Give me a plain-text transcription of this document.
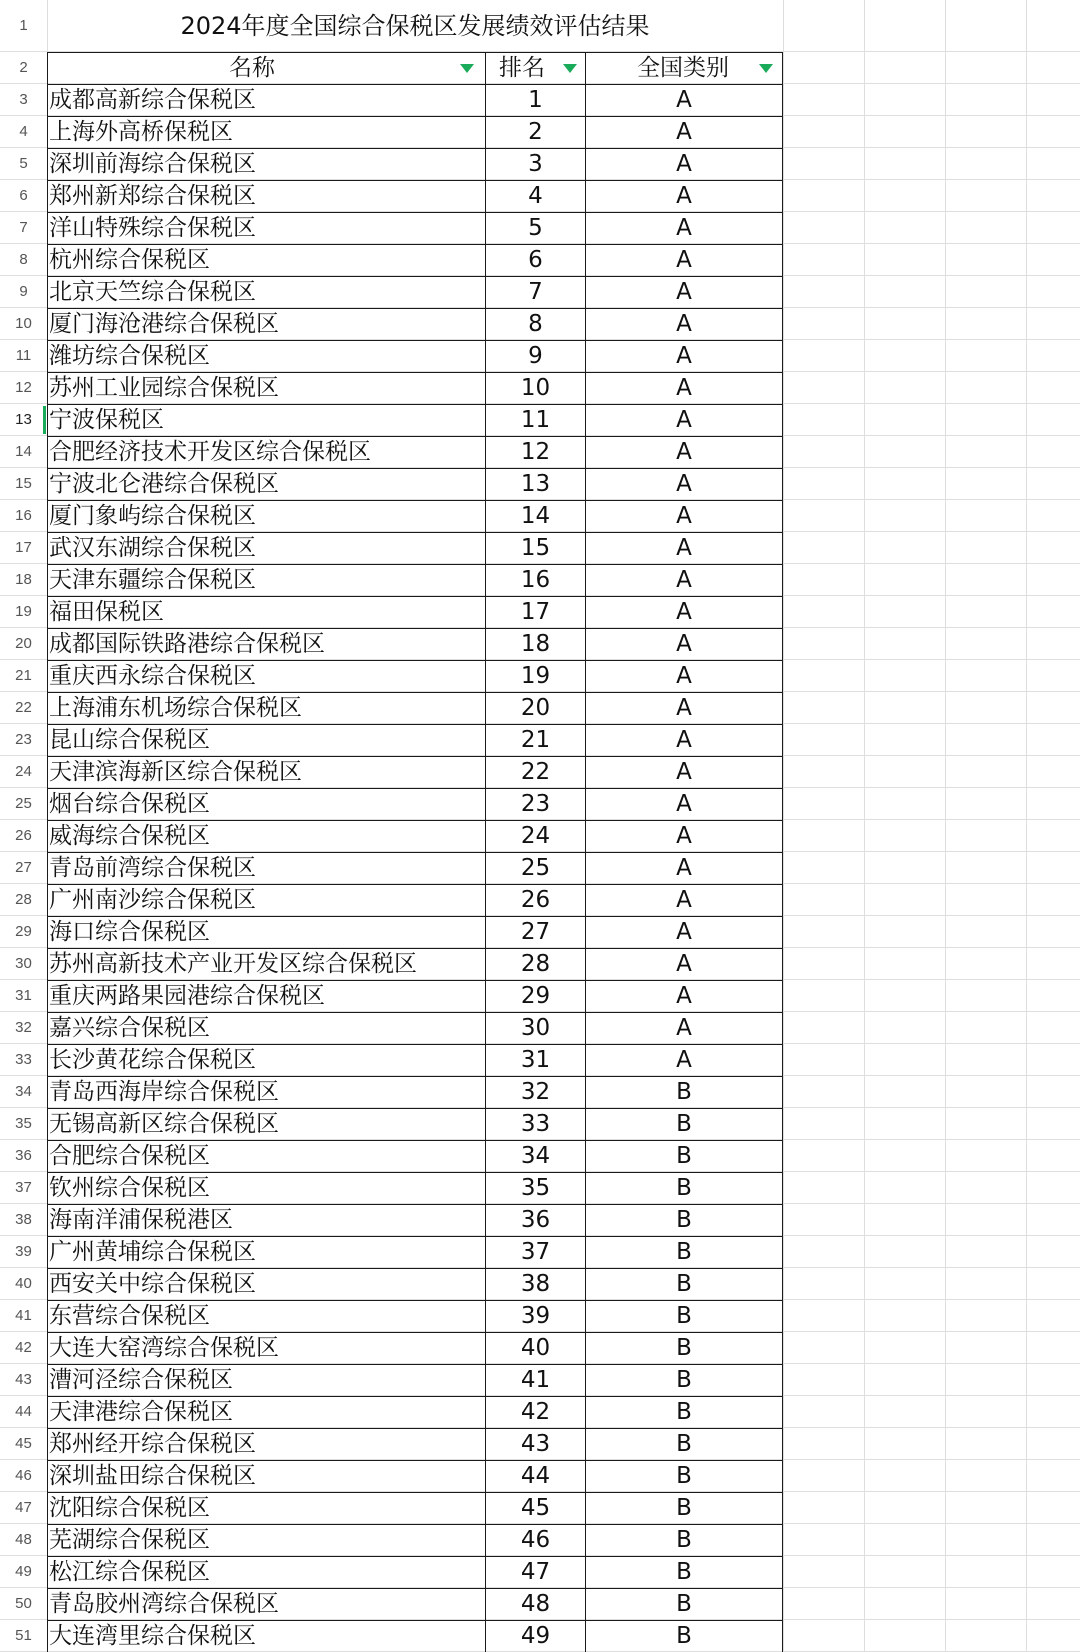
1
2
3
4
5
6
7
8
9
10
11
12
13
14
15
16
17
18
19
20
21
22
23
24
25
26
27
28
29
30
31
32
33
34
35
36
37
38
39
40
41
42
43
44
45
46
47
48
49
50
51
2024年度全国综合保税区发展绩效评估结果
名称	排名	全国类别
成都高新综合保税区	1	A
上海外高桥保税区	2	A
深圳前海综合保税区	3	A
郑州新郑综合保税区	4	A
洋山特殊综合保税区	5	A
杭州综合保税区	6	A
北京天竺综合保税区	7	A
厦门海沧港综合保税区	8	A
潍坊综合保税区	9	A
苏州工业园综合保税区	10	A
宁波保税区	11	A
合肥经济技术开发区综合保税区	12	A
宁波北仑港综合保税区	13	A
厦门象屿综合保税区	14	A
武汉东湖综合保税区	15	A
天津东疆综合保税区	16	A
福田保税区	17	A
成都国际铁路港综合保税区	18	A
重庆西永综合保税区	19	A
上海浦东机场综合保税区	20	A
昆山综合保税区	21	A
天津滨海新区综合保税区	22	A
烟台综合保税区	23	A
威海综合保税区	24	A
青岛前湾综合保税区	25	A
广州南沙综合保税区	26	A
海口综合保税区	27	A
苏州高新技术产业开发区综合保税区	28	A
重庆两路果园港综合保税区	29	A
嘉兴综合保税区	30	A
长沙黄花综合保税区	31	A
青岛西海岸综合保税区	32	B
无锡高新区综合保税区	33	B
合肥综合保税区	34	B
钦州综合保税区	35	B
海南洋浦保税港区	36	B
广州黄埔综合保税区	37	B
西安关中综合保税区	38	B
东营综合保税区	39	B
大连大窑湾综合保税区	40	B
漕河泾综合保税区	41	B
天津港综合保税区	42	B
郑州经开综合保税区	43	B
深圳盐田综合保税区	44	B
沈阳综合保税区	45	B
芜湖综合保税区	46	B
松江综合保税区	47	B
青岛胶州湾综合保税区	48	B
大连湾里综合保税区	49	B
